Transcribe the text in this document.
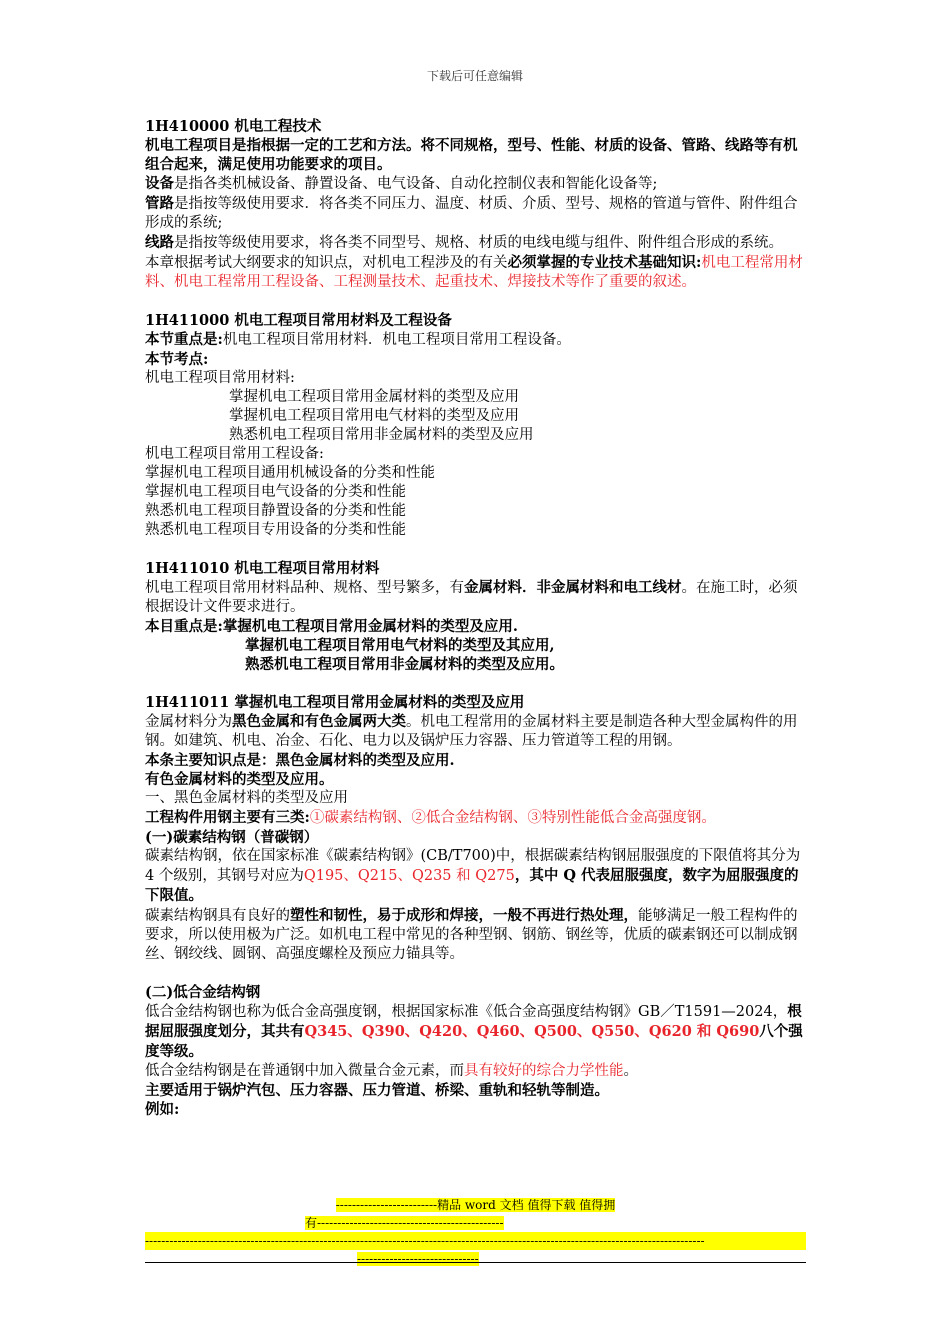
下载后可任意编辑

1H410000 机电工程技术

机电工程项目是指根据一定的工艺和方法。将不同规格，型号、性能、材质的设备、管路、线路等有机组合起来，满足使用功能要求的项目。

设备是指各类机械设备、静置设备、电气设备、自动化控制仪表和智能化设备等;

管路是指按等级使用要求．将各类不同压力、温度、材质、介质、型号、规格的管道与管件、附件组合形成的系统;

线路是指按等级使用要求，将各类不同型号、规格、材质的电线电缆与组件、附件组合形成的系统。

本章根据考试大纲要求的知识点，对机电工程涉及的有关必须掌握的专业技术基础知识:机电工程常用材料、机电工程常用工程设备、工程测量技术、起重技术、焊接技术等作了重要的叙述。

1H411000 机电工程项目常用材料及工程设备

本节重点是:机电工程项目常用材料．机电工程项目常用工程设备。

本节考点:

机电工程项目常用材料:

掌握机电工程项目常用金属材料的类型及应用

掌握机电工程项目常用电气材料的类型及应用

熟悉机电工程项目常用非金属材料的类型及应用

机电工程项目常用工程设备:

掌握机电工程项目通用机械设备的分类和性能

掌握机电工程项目电气设备的分类和性能

熟悉机电工程项目静置设备的分类和性能

熟悉机电工程项目专用设备的分类和性能

1H411010 机电工程项目常用材料

机电工程项目常用材料品种、规格、型号繁多，有金属材料．非金属材料和电工线材。在施工时，必须根据设计文件要求进行。

本目重点是:掌握机电工程项目常用金属材料的类型及应用.

掌握机电工程项目常用电气材料的类型及其应用,

熟悉机电工程项目常用非金属材料的类型及应用。

1H411011 掌握机电工程项目常用金属材料的类型及应用

金属材料分为黑色金属和有色金属两大类。机电工程常用的金属材料主要是制造各种大型金属构件的用钢。如建筑、机电、冶金、石化、电力以及锅炉压力容器、压力管道等工程的用钢。

本条主要知识点是：黑色金属材料的类型及应用.

有色金属材料的类型及应用。

一、黑色金属材料的类型及应用

工程构件用钢主要有三类:①碳素结构钢、②低合金结构钢、③特别性能低合金高强度钢。

(一)碳素结构钢（普碳钢）

碳素结构钢，依在国家标准《碳素结构钢》(CB/T700)中，根据碳素结构钢屈服强度的下限值将其分为 4 个级别，其钢号对应为Q195、Q215、Q235 和 Q275，其中 Q 代表屈服强度，数字为屈服强度的下限值。

碳素结构钢具有良好的塑性和韧性，易于成形和焊接，一般不再进行热处理，能够满足一般工程构件的要求，所以使用极为广泛。如机电工程中常见的各种型钢、钢筋、钢丝等，优质的碳素钢还可以制成钢丝、钢绞线、圆钢、高强度螺栓及预应力锚具等。

(二)低合金结构钢

低合金结构钢也称为低合金高强度钢，根据国家标准《低合金高强度结构钢》GB／T1591—2024，根据屈服强度划分，其共有Q345、Q390、Q420、Q460、Q500、Q550、Q620 和 Q690八个强度等级。

低合金结构钢是在普通钢中加入微量合金元素，而具有较好的综合力学性能。

主要适用于锅炉汽包、压力容器、压力管道、桥梁、重轨和轻轨等制造。

例如:

-------------------------精品 word 文档 值得下载 值得拥
有----------------------------------------------
------------------------------------------------------------------------------------------------------------------------------------------
------------------------------
